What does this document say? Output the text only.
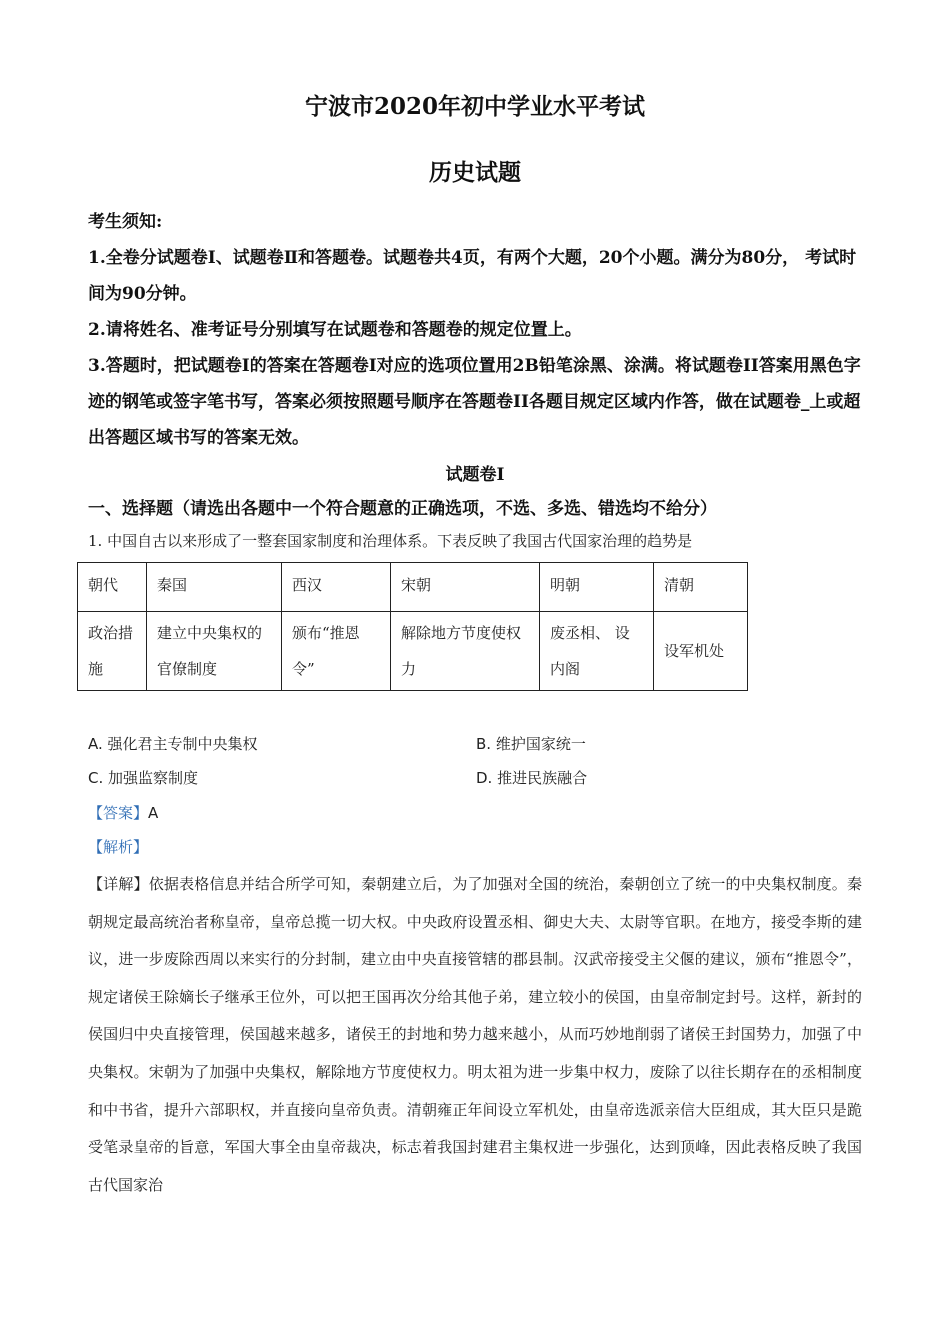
宁波市2020年初中学业水平考试
历史试题

考生须知:

1.全卷分试题卷I、试题卷Ⅱ和答题卷。试题卷共4页，有两个大题，20个小题。满分为80分， 考试时间为90分钟。

2.请将姓名、准考证号分别填写在试题卷和答题卷的规定位置上。

3.答题时，把试题卷I的答案在答题卷I对应的选项位置用2B铅笔涂黑、涂满。将试题卷II答案用黑色字迹的钢笔或签字笔书写，答案必须按照题号顺序在答题卷II各题目规定区域内作答，做在试题卷_上或超出答题区域书写的答案无效。

试题卷I
一、选择题（请选出各题中一个符合题意的正确选项，不选、多选、错选均不给分）
1. 中国自古以来形成了一整套国家制度和治理体系。下表反映了我国古代国家治理的趋势是
朝代	秦国	西汉	宋朝	明朝	清朝
政治措施	建立中央集权的官僚制度	颁布“推恩令”	解除地方节度使权力	废丞相、 设内阁	设军机处
A. 强化君主专制中央集权	B. 维护国家统一
C. 加强监察制度	D. 推进民族融合
【答案】A
【解析】
【详解】依据表格信息并结合所学可知，秦朝建立后，为了加强对全国的统治，秦朝创立了统一的中央集权制度。秦朝规定最高统治者称皇帝，皇帝总揽一切大权。中央政府设置丞相、御史大夫、太尉等官职。在地方，接受李斯的建议，进一步废除西周以来实行的分封制，建立由中央直接管辖的郡县制。汉武帝接受主父偃的建议，颁布“推恩令”，规定诸侯王除嫡长子继承王位外，可以把王国再次分给其他子弟，建立较小的侯国，由皇帝制定封号。这样，新封的侯国归中央直接管理，侯国越来越多，诸侯王的封地和势力越来越小，从而巧妙地削弱了诸侯王封国势力，加强了中央集权。宋朝为了加强中央集权，解除地方节度使权力。明太祖为进一步集中权力，废除了以往长期存在的丞相制度和中书省，提升六部职权，并直接向皇帝负责。清朝雍正年间设立军机处，由皇帝选派亲信大臣组成，其大臣只是跪受笔录皇帝的旨意，军国大事全由皇帝裁决，标志着我国封建君主集权进一步强化，达到顶峰，因此表格反映了我国古代国家治
